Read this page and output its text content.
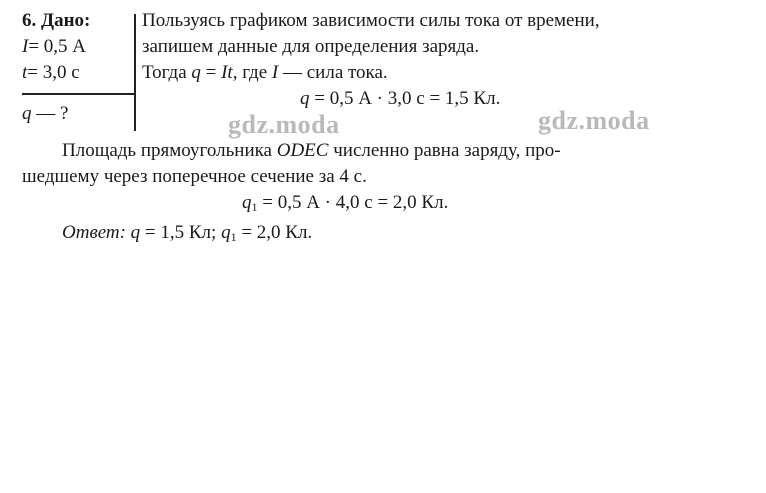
6. Дано:
I= 0,5 А
t= 3,0 с
q — ?
Пользуясь графиком зависимости силы тока от времени,
запишем данные для определения заряда.
Тогда q = It, где I — сила тока.
q = 0,5 А · 3,0 с = 1,5 Кл.
Площадь прямоугольника ODEC численно равна заряду, про-
шедшему через поперечное сечение за 4 с.
$q_1 = 0,5$ А · 4,0 с = 2,0 Кл.
Ответ: q = 1,5 Кл; $q_1 = 2,0$ Кл.
gdz.moda	gdz.moda
